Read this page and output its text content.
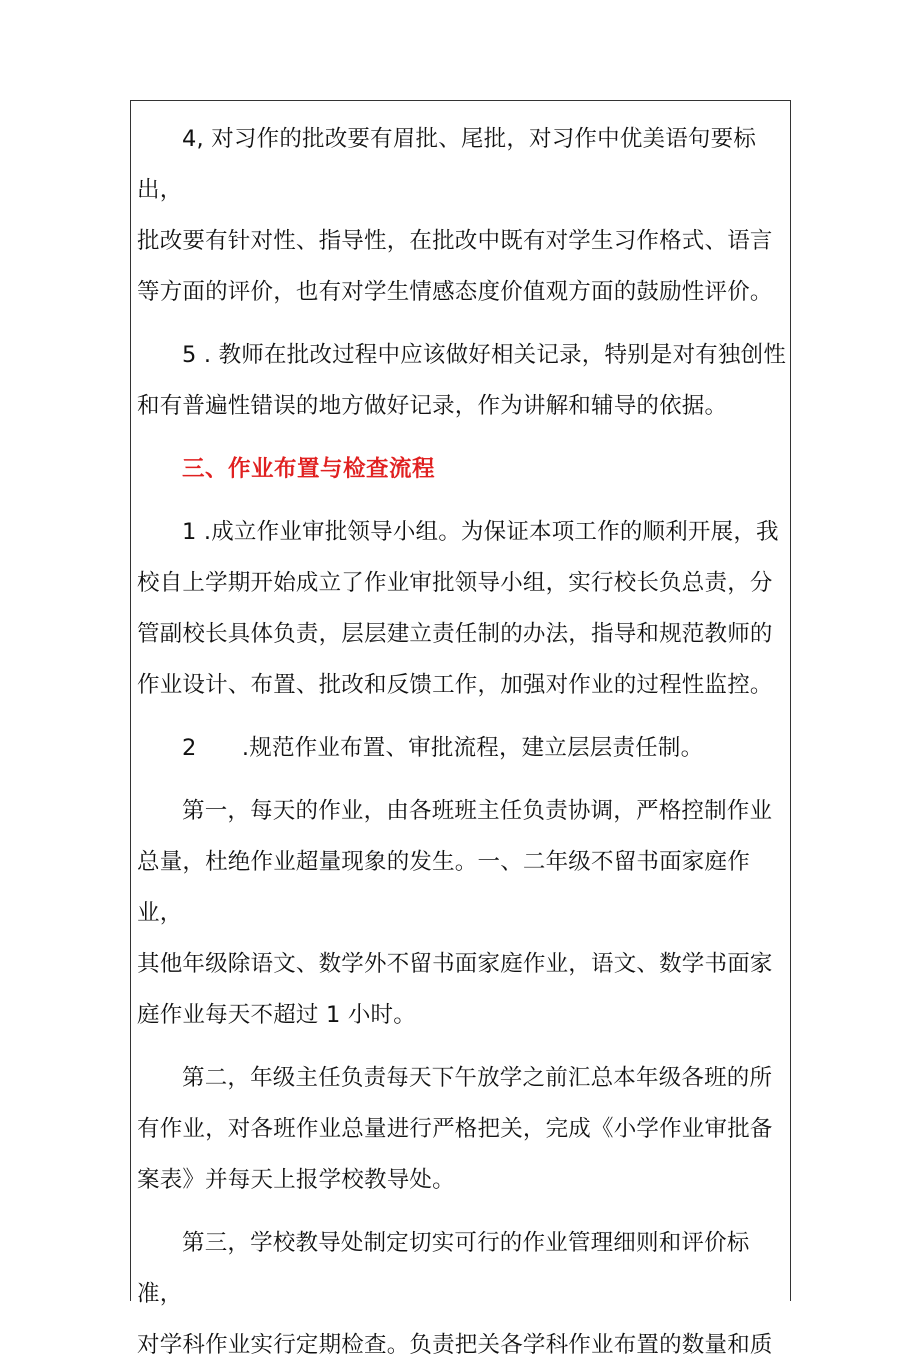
4, 对习作的批改要有眉批、尾批，对习作中优美语句要标出，
批改要有针对性、指导性，在批改中既有对学生习作格式、语言
等方面的评价，也有对学生情感态度价值观方面的鼓励性评价。

5 . 教师在批改过程中应该做好相关记录，特别是对有独创性
和有普遍性错误的地方做好记录，作为讲解和辅导的依据。

三、作业布置与检查流程

1 .成立作业审批领导小组。为保证本项工作的顺利开展，我
校自上学期开始成立了作业审批领导小组，实行校长负总责，分
管副校长具体负责，层层建立责任制的办法，指导和规范教师的
作业设计、布置、批改和反馈工作，加强对作业的过程性监控。

2　　.规范作业布置、审批流程，建立层层责任制。

第一，每天的作业，由各班班主任负责协调，严格控制作业
总量，杜绝作业超量现象的发生。一、二年级不留书面家庭作业，
其他年级除语文、数学外不留书面家庭作业，语文、数学书面家
庭作业每天不超过 1 小时。

第二，年级主任负责每天下午放学之前汇总本年级各班的所
有作业，对各班作业总量进行严格把关，完成《小学作业审批备
案表》并每天上报学校教导处。

第三，学校教导处制定切实可行的作业管理细则和评价标准，
对学科作业实行定期检查。负责把关各学科作业布置的数量和质
